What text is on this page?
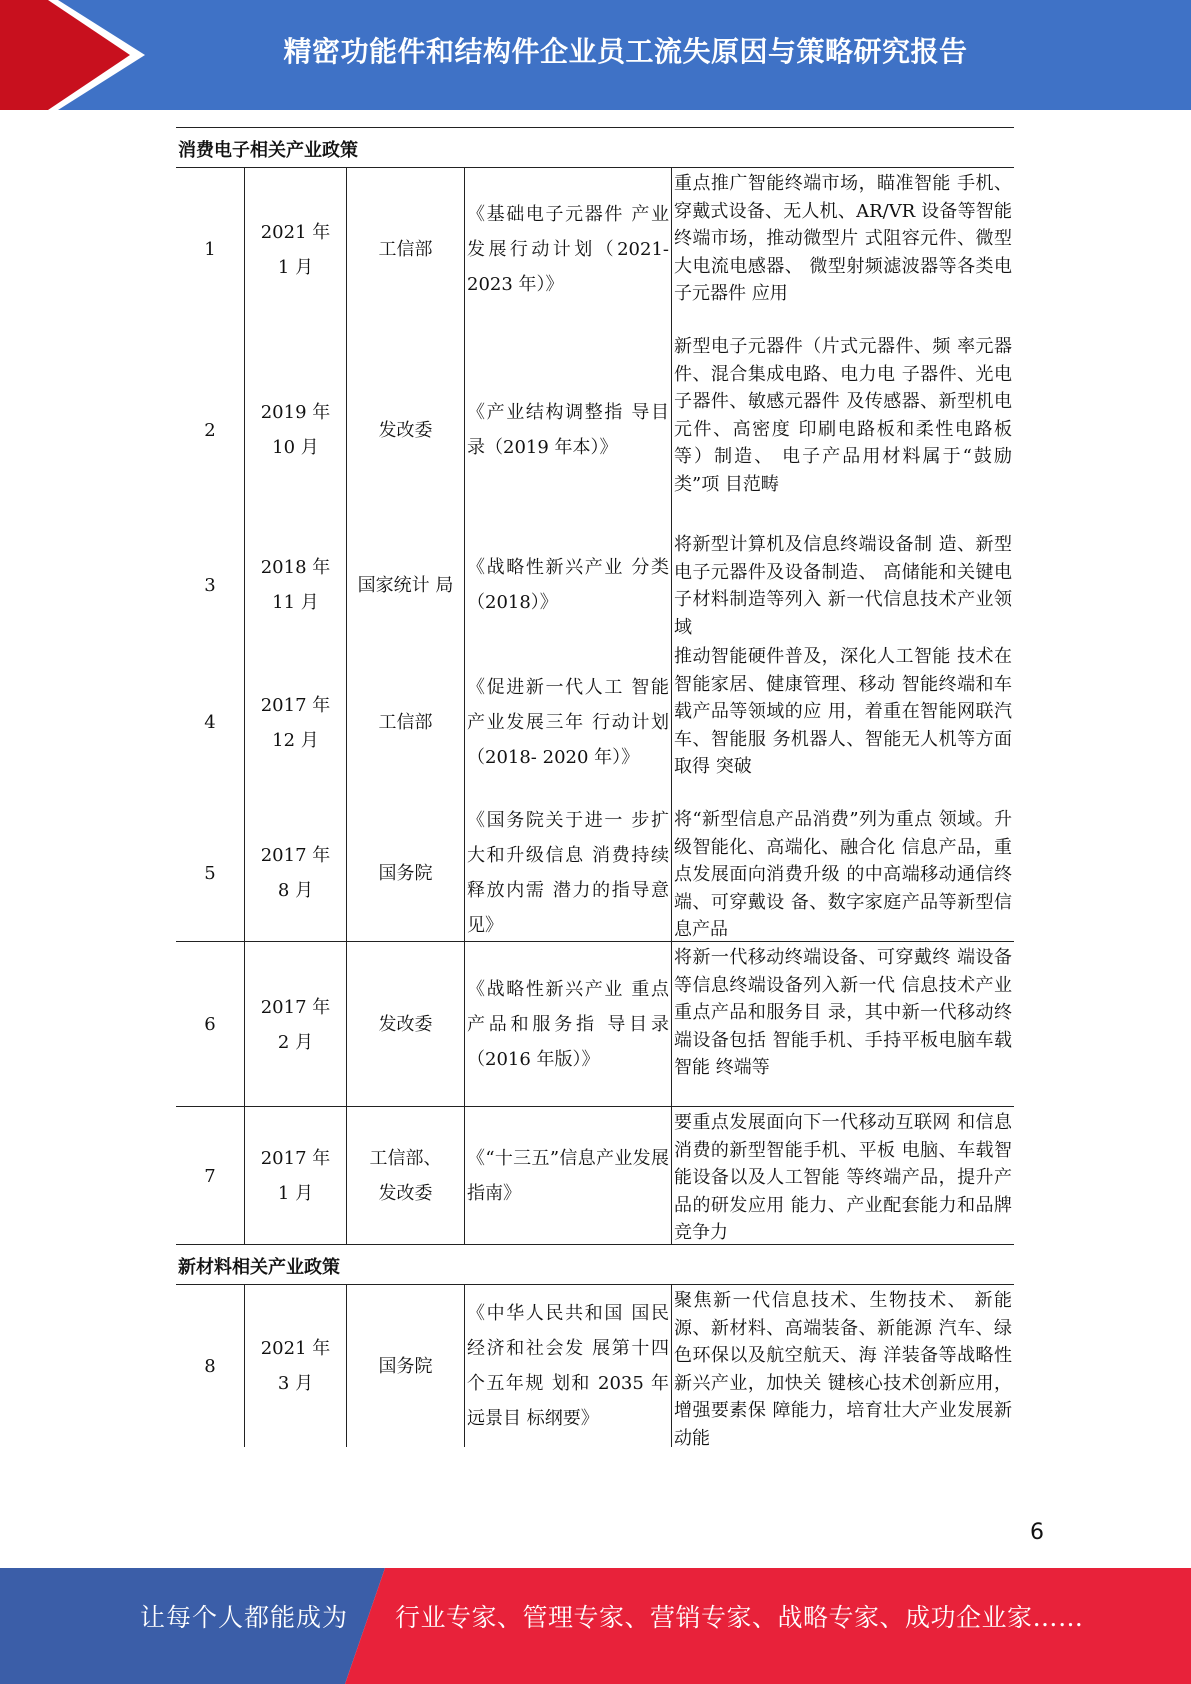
精密功能件和结构件企业员工流失原因与策略研究报告
消费电子相关产业政策
1
2021 年
1 月
工信部
《基础电子元器件 产业发展行动计划（2021-2023 年）》
重点推广智能终端市场，瞄准智能 手机、穿戴式设备、无人机、AR/VR 设备等智能终端市场，推动微型片 式阻容元件、微型大电流电感器、 微型射频滤波器等各类电子元器件 应用
2
2019 年
10 月
发改委
《产业结构调整指 导目录（2019 年本）》
新型电子元器件（片式元器件、频 率元器件、混合集成电路、电力电 子器件、光电子器件、敏感元器件 及传感器、新型机电元件、高密度 印刷电路板和柔性电路板等）制造、 电子产品用材料属于“鼓励类”项 目范畴
3
2018 年
11 月
国家统计 局
《战略性新兴产业 分类（2018）》
将新型计算机及信息终端设备制 造、新型电子元器件及设备制造、 高储能和关键电子材料制造等列入 新一代信息技术产业领域
4
2017 年
12 月
工信部
《促进新一代人工 智能产业发展三年 行动计划（2018- 2020 年）》
推动智能硬件普及，深化人工智能 技术在智能家居、健康管理、移动 智能终端和车载产品等领域的应 用，着重在智能网联汽车、智能服 务机器人、智能无人机等方面取得 突破
5
2017 年
8 月
国务院
《国务院关于进一 步扩大和升级信息 消费持续释放内需 潜力的指导意见》
将“新型信息产品消费”列为重点 领域。升级智能化、高端化、融合化 信息产品，重点发展面向消费升级 的中高端移动通信终端、可穿戴设 备、数字家庭产品等新型信息产品
6
2017 年
2 月
发改委
《战略性新兴产业 重点产品和服务指 导目录（2016 年版）》
将新一代移动终端设备、可穿戴终 端设备等信息终端设备列入新一代 信息技术产业重点产品和服务目 录，其中新一代移动终端设备包括 智能手机、手持平板电脑车载智能 终端等
7
2017 年
1 月
工信部、
发改委
《“十三五”信息产业发展指南》
要重点发展面向下一代移动互联网 和信息消费的新型智能手机、平板 电脑、车载智能设备以及人工智能 等终端产品，提升产品的研发应用 能力、产业配套能力和品牌竞争力
新材料相关产业政策
8
2021 年
3 月
国务院
《中华人民共和国 国民经济和社会发 展第十四个五年规 划和 2035 年远景目 标纲要》
聚焦新一代信息技术、生物技术、 新能源、新材料、高端装备、新能源 汽车、绿色环保以及航空航天、海 洋装备等战略性新兴产业，加快关 键核心技术创新应用，增强要素保 障能力，培育壮大产业发展新动能
6
让每个人都能成为 行业专家、管理专家、营销专家、战略专家、成功企业家……
